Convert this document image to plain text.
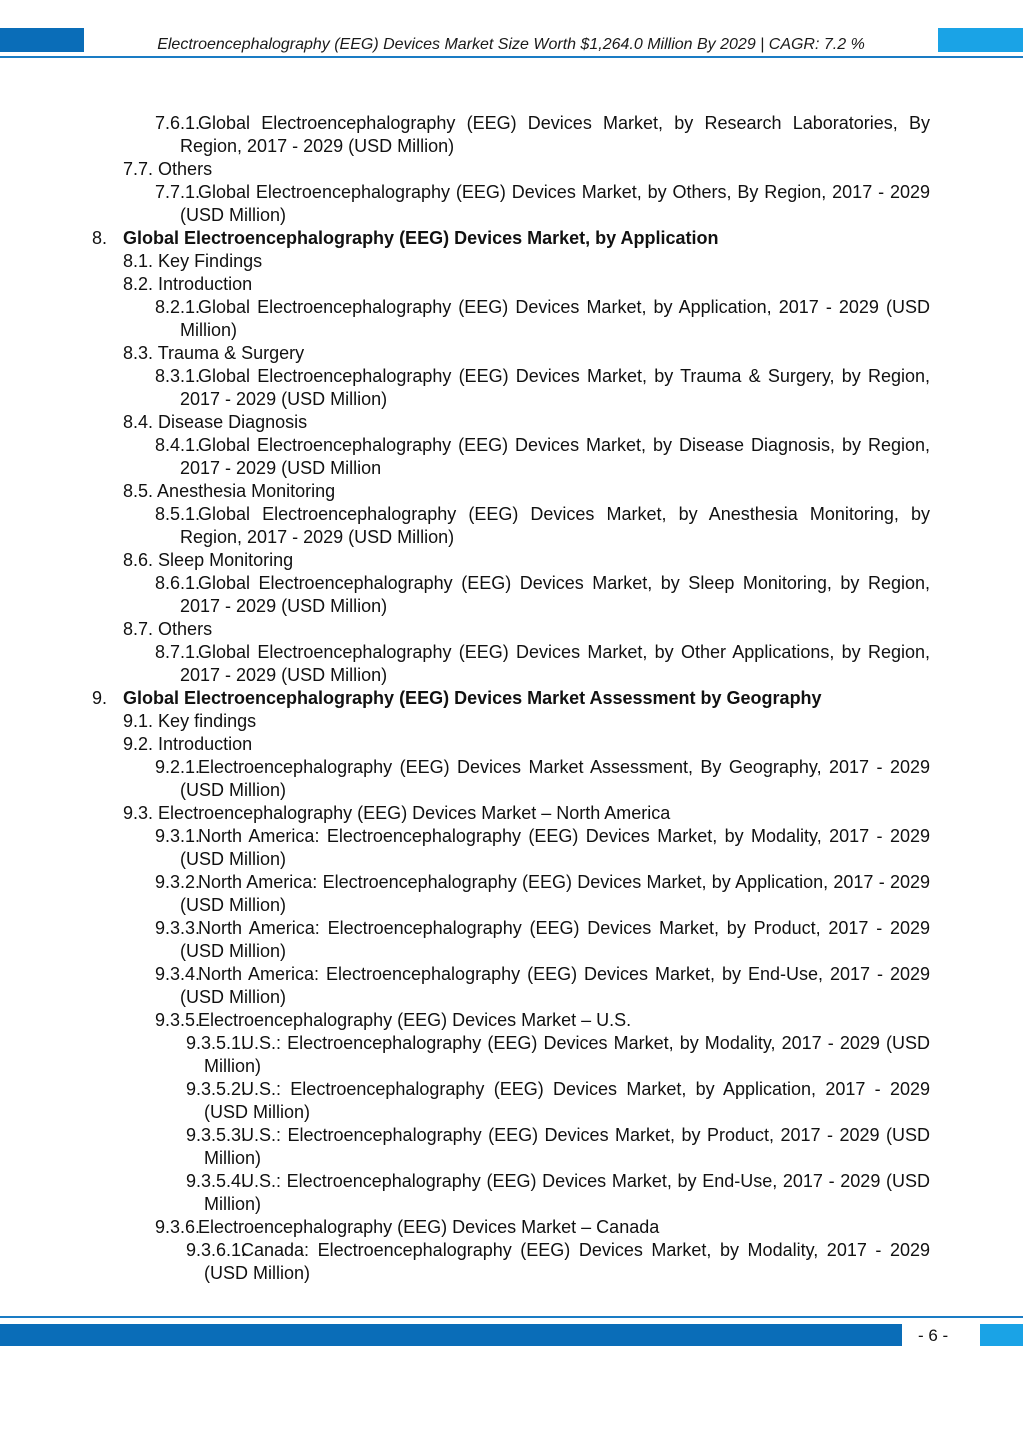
Electroencephalography (EEG) Devices Market Size Worth $1,264.0 Million By 2029 | CAGR: 7.2 %
7.6.1.
Global Electroencephalography (EEG) Devices Market, by Research Laboratories, By Region, 2017 - 2029 (USD Million)
7.7. Others
7.7.1.
Global Electroencephalography (EEG) Devices Market, by Others, By Region, 2017 - 2029 (USD Million)
8. Global Electroencephalography (EEG) Devices Market, by Application
8.1. Key Findings
8.2. Introduction
8.2.1.
Global Electroencephalography (EEG) Devices Market, by Application, 2017 - 2029 (USD Million)
8.3. Trauma & Surgery
8.3.1.
Global Electroencephalography (EEG) Devices Market, by Trauma & Surgery, by Region, 2017 - 2029 (USD Million)
8.4. Disease Diagnosis
8.4.1.
Global Electroencephalography (EEG) Devices Market, by Disease Diagnosis, by Region, 2017 - 2029 (USD Million
8.5. Anesthesia Monitoring
8.5.1.
Global Electroencephalography (EEG) Devices Market, by Anesthesia Monitoring, by Region, 2017 - 2029 (USD Million)
8.6. Sleep Monitoring
8.6.1.
Global Electroencephalography (EEG) Devices Market, by Sleep Monitoring, by Region, 2017 - 2029 (USD Million)
8.7. Others
8.7.1.
Global Electroencephalography (EEG) Devices Market, by Other Applications, by Region, 2017 - 2029 (USD Million)
9. Global Electroencephalography (EEG) Devices Market Assessment by Geography
9.1. Key findings
9.2. Introduction
9.2.1.
Electroencephalography (EEG) Devices Market Assessment, By Geography, 2017 - 2029 (USD Million)
9.3. Electroencephalography (EEG) Devices Market – North America
9.3.1.
North America: Electroencephalography (EEG) Devices Market, by Modality, 2017 - 2029 (USD Million)
9.3.2.
North America: Electroencephalography (EEG) Devices Market, by Application, 2017 - 2029 (USD Million)
9.3.3.
North America: Electroencephalography (EEG) Devices Market, by Product, 2017 - 2029 (USD Million)
9.3.4.
North America: Electroencephalography (EEG) Devices Market, by End-Use, 2017 - 2029 (USD Million)
9.3.5.
Electroencephalography (EEG) Devices Market – U.S.
9.3.5.1.
U.S.: Electroencephalography (EEG) Devices Market, by Modality, 2017 - 2029 (USD Million)
9.3.5.2.
U.S.: Electroencephalography (EEG) Devices Market, by Application, 2017 - 2029 (USD Million)
9.3.5.3.
U.S.: Electroencephalography (EEG) Devices Market, by Product, 2017 - 2029 (USD Million)
9.3.5.4.
U.S.: Electroencephalography (EEG) Devices Market, by End-Use, 2017 - 2029 (USD Million)
9.3.6.
Electroencephalography (EEG) Devices Market – Canada
9.3.6.1.
Canada: Electroencephalography (EEG) Devices Market, by Modality, 2017 - 2029 (USD Million)
- 6 -
